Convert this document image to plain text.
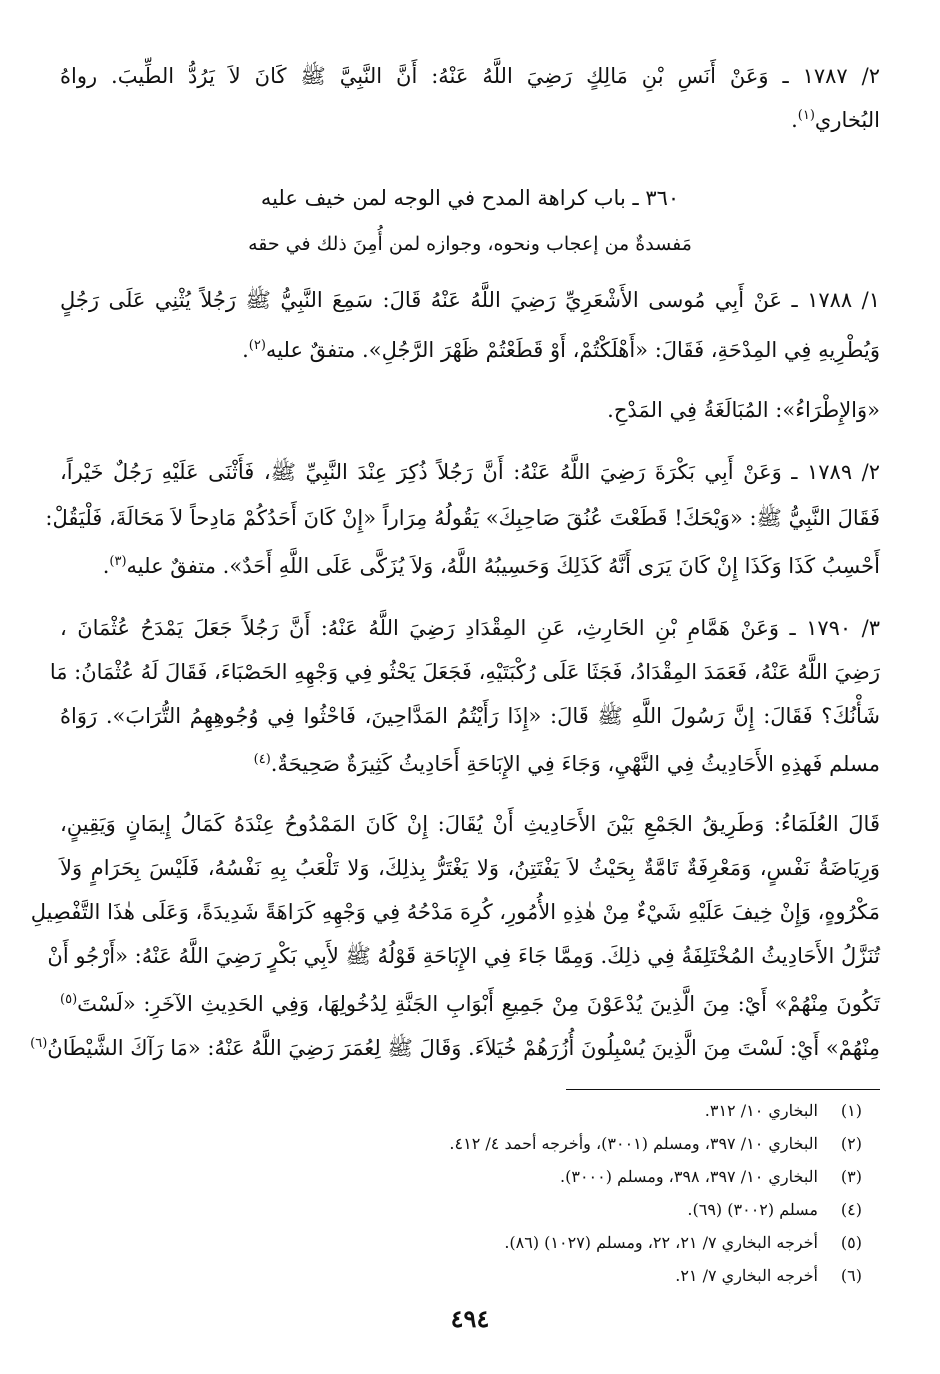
٢/ ١٧٨٧ ـ وَعَنْ أَنَسِ بْنِ مَالِكٍ رَضِيَ اللَّهُ عَنْهُ: أَنَّ النَّبِيَّ ﷺ كَانَ لاَ يَرُدُّ الطِّيبَ. رواهُ
البُخاري$^{(١)}$.
٣٦٠ ـ باب كراهة المدح في الوجه لمن خيف عليه
مَفسدةٌ من إعجاب ونحوه، وجوازه لمن أُمِنَ ذلك في حقه
١/ ١٧٨٨ ـ عَنْ أَبِي مُوسى الأَشْعَرِيِّ رَضِيَ اللَّهُ عَنْهُ قَالَ: سَمِعَ النَّبِيُّ ﷺ رَجُلاً يُثْنِي عَلَى رَجُلٍ
وَيُطْرِيهِ فِي المِدْحَةِ، فَقَالَ: «أَهْلَكْتُمْ، أَوْ قَطَعْتُمْ ظَهْرَ الرَّجُلِ». متفقٌ عليه$^{(٢)}$.
«وَالإِطْرَاءُ»: المُبَالَغَةُ فِي المَدْحِ.
٢/ ١٧٨٩ ـ وَعَنْ أَبِي بَكْرَةَ رَضِيَ اللَّهُ عَنْهُ: أَنَّ رَجُلاً ذُكِرَ عِنْدَ النَّبِيِّ ﷺ، فَأَثْنَى عَلَيْهِ رَجُلٌ خَيْراً،
فَقَالَ النَّبِيُّ ﷺ: «وَيْحَكَ! قَطَعْتَ عُنُقَ صَاحِبِكَ» يَقُولُهُ مِرَاراً «إِنْ كَانَ أَحَدُكُمْ مَادِحاً لاَ مَحَالَةَ، فَلْيَقُلْ:
أَحْسِبُ كَذَا وَكَذَا إِنْ كَانَ يَرَى أَنَّهُ كَذَلِكَ وَحَسِيبُهُ اللَّهُ، وَلاَ يُزَكَّى عَلَى اللَّهِ أَحَدٌ». متفقٌ عليه$^{(٣)}$.
٣/ ١٧٩٠ ـ وَعَنْ هَمَّامِ بْنِ الحَارِثِ، عَنِ المِقْدَادِ رَضِيَ اللَّهُ عَنْهُ: أَنَّ رَجُلاً جَعَلَ يَمْدَحُ عُثْمَانَ ،
رَضِيَ اللَّهُ عَنْهُ، فَعَمَدَ المِقْدَادُ، فَجَثَا عَلَى رُكْبَتَيْهِ، فَجَعَلَ يَحْثُو فِي وَجْهِهِ الحَصْبَاءَ، فَقَالَ لَهُ عُثْمَانُ: مَا
شَأْنُكَ؟ فَقَالَ: إِنَّ رَسُولَ اللَّهِ ﷺ قَالَ: «إِذَا رَأَيْتُمُ المَدَّاحِينَ، فَاحْثُوا فِي وُجُوهِهِمُ التُّرَابَ». رَوَاهُ
مسلم فَهذِهِ الأَحَادِيثُ فِي النَّهْيِ، وَجَاءَ فِي الإِبَاحَةِ أَحَادِيثُ كَثِيرَةٌ صَحِيحَةٌ.$^{(٤)}$
قَالَ العُلَمَاءُ: وَطَرِيقُ الجَمْعِ بَيْنَ الأَحَادِيثِ أَنْ يُقَالَ: إِنْ كَانَ المَمْدُوحُ عِنْدَهُ كَمَالُ إِيمَانٍ وَيَقِينٍ،
وَرِيَاضَةُ نَفْسٍ، وَمَعْرِفَةٌ تَامَّةٌ بِحَيْثُ لاَ يَفْتَتِنُ، وَلا يَغْتَرُّ بِذلِكَ، وَلا تَلْعَبُ بِهِ نَفْسُهُ، فَلَيْسَ بِحَرَامٍ وَلاَ
مَكْرُوهٍ، وَإِنْ خِيفَ عَلَيْهِ شَيْءٌ مِنْ هٰذِهِ الأُمُورِ، كُرِهَ مَدْحُهُ فِي وَجْهِهِ كَرَاهَةً شَدِيدَةً، وَعَلَى هٰذَا التَّفْصِيلِ
تُنَزَّلُ الأَحَادِيثُ المُخْتَلِفَةُ فِي ذلِكَ. وَمِمَّا جَاءَ فِي الإِبَاحَةِ قَوْلُهُ ﷺ لأَبِي بَكْرٍ رَضِيَ اللَّهُ عَنْهُ: «أَرْجُو أَنْ
تَكُونَ مِنْهُمْ» أَيْ: مِنَ الَّذِينَ يُدْعَوْنَ مِنْ جَمِيعِ أَبْوَابِ الجَنَّةِ لِدُخُولِهَا، وَفِي الحَدِيثِ الآخَرِ: «لَسْتَ$^{(٥)}$
مِنْهُمْ» أَيْ: لَسْتَ مِنَ الَّذِينَ يُسْبِلُونَ أُزُرَهُمْ خُيَلاَءَ. وَقَالَ ﷺ لِعُمَرَ رَضِيَ اللَّهُ عَنْهُ: «مَا رَآكَ الشَّيْطَانُ$^{(٦)}$
(١)البخاري ١٠/ ٣١٢.
(٢)البخاري ١٠/ ٣٩٧، ومسلم (٣٠٠١)، وأخرجه أحمد ٤/ ٤١٢.
(٣)البخاري ١٠/ ٣٩٧، ٣٩٨، ومسلم (٣٠٠٠).
(٤)مسلم (٣٠٠٢) (٦٩).
(٥)أخرجه البخاري ٧/ ٢١، ٢٢، ومسلم (١٠٢٧) (٨٦).
(٦)أخرجه البخاري ٧/ ٢١.
٤٩٤
